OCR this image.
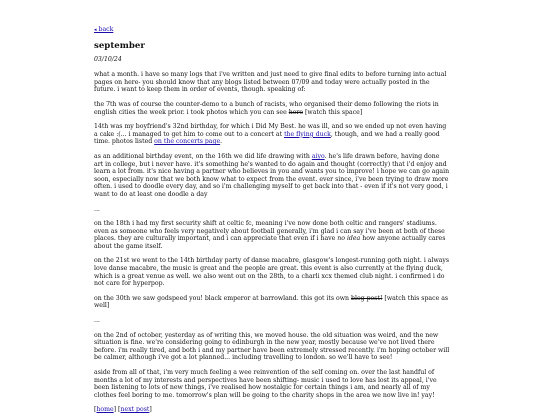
◂ back
september
03/10/24

what a month. i have so many logs that i've written and just need to give final edits to before turning into actual pages on here- you should know that any blogs listed between 07/09 and today were actually posted in the future. i want to keep them in order of events, though. speaking of:

the 7th was of course the counter-demo to a bunch of racists, who organised their demo following the riots in english cities the week prior. i took photos which you can see here [watch this space]

14th was my boyfriend's 32nd birthday, for which i Did My Best. he was ill, and so we ended up not even having a cake :(... i managed to get him to come out to a concert at the flying duck, though, and we had a really good time. photos listed on the concerts page.

as an additional birthday event, on the 16th we did life drawing with aiyo. he's life drawn before, having done art in college, but i never have. it's something he's wanted to do again and thought (correctly) that i'd enjoy and learn a lot from. it's nice having a partner who believes in you and wants you to improve! i hope we can go again soon, especially now that we both know what to expect from the event. ever since, i've been trying to draw more often. i used to doodle every day, and so i'm challenging myself to get back into that - even if it's not very good, i want to do at least one doodle a day

...

on the 18th i had my first security shift at celtic fc, meaning i've now done both celtic and rangers' stadiums. even as someone who feels very negatively about football generally, i'm glad i can say i've been at both of these places. they are culturally important, and i can appreciate that even if i have no idea how anyone actually cares about the game itself.

on the 21st we went to the 14th birthday party of danse macabre, glasgow's longest-running goth night. i always love danse macabre, the music is great and the people are great. this event is also currently at the flying duck, which is a great venue as well. we also went out on the 28th, to a charli xcx themed club night. i confirmed i do not care for hyperpop.

on the 30th we saw godspeed you! black emperor at barrowland. this got its own blog post! [watch this space as well]

...

on the 2nd of october, yesterday as of writing this, we moved house. the old situation was weird, and the new situation is fine. we're considering going to edinburgh in the new year, mostly because we've not lived there before. i'm really tired, and both i and my partner have been extremely stressed recently. i'm hoping october will be calmer, although i've got a lot planned... including travelling to london. so we'll have to see!

aside from all of that, i'm very much feeling a wee reinvention of the self coming on. over the last handful of months a lot of my interests and perspectives have been shifting- music i used to love has lost its appeal, i've been listening to lots of new things, i've realised how nostalgic for certain things i am, and nearly all of my clothes feel boring to me. tomorrow's plan will be going to the charity shops in the area we now live in! yay!

[home] [next post]
